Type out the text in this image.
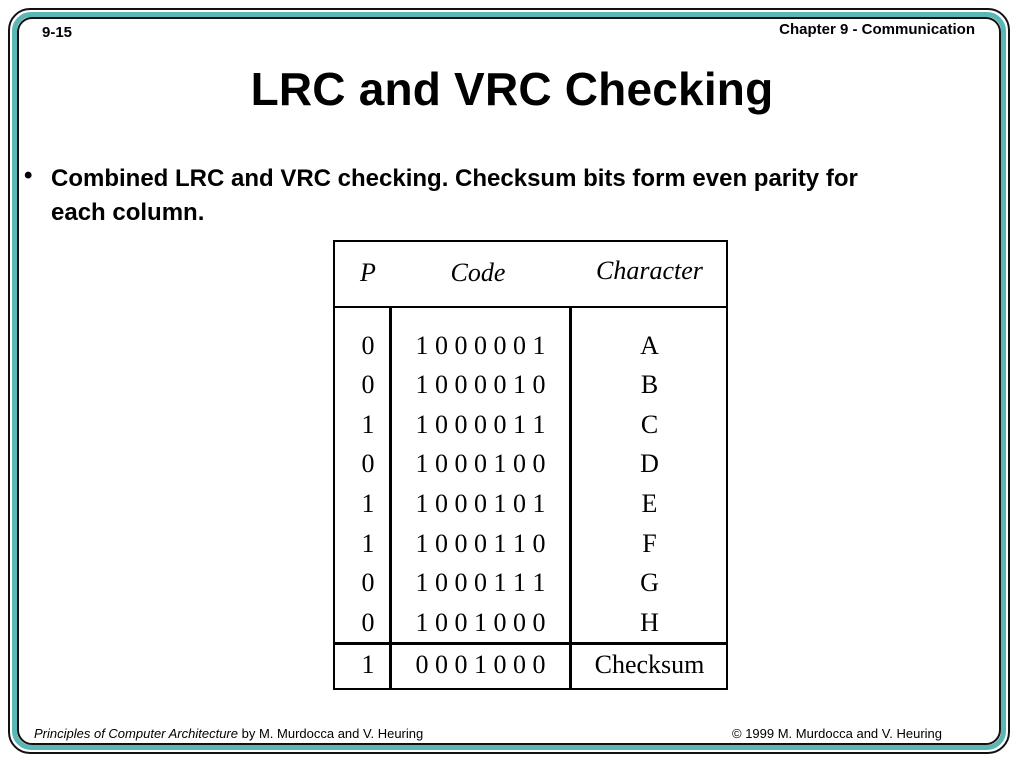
9-15	Chapter 9 - Communication
LRC and VRC Checking
• Combined LRC and VRC checking. Checksum bits form even parity for each column.
P	Code	Character
0	1 0 0 0 0 0 1	A
0	1 0 0 0 0 1 0	B
1	1 0 0 0 0 1 1	C
0	1 0 0 0 1 0 0	D
1	1 0 0 0 1 0 1	E
1	1 0 0 0 1 1 0	F
0	1 0 0 0 1 1 1	G
0	1 0 0 1 0 0 0	H
1	0 0 0 1 0 0 0	Checksum
Principles of Computer Architecture by M. Murdocca and V. Heuring	© 1999 M. Murdocca and V. Heuring
